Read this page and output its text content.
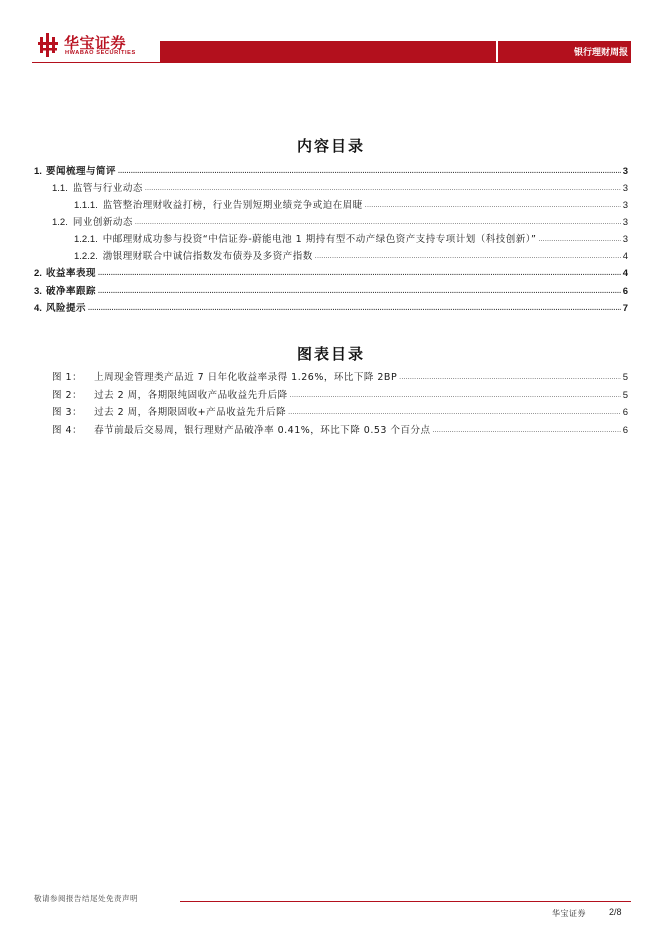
华宝证券
HWABAO SECURITIES	银行理财周报
内容目录
1. 要闻梳理与简评 .....	3
1.1. 监管与行业动态 .....	3
1.1.1. 监管整治理财收益打榜，行业告别短期业绩竞争或迫在眉睫 .....	3
1.2. 同业创新动态 .....	3
1.2.1. 中邮理财成功参与投资“中信证券-蔚能电池 1 期持有型不动产绿色资产支持专项计划（科技创新）” .....	3
1.2.2. 渤银理财联合中诚信指数发布债券及多资产指数 .....	4
2. 收益率表现 .....	4
3. 破净率跟踪 .....	6
4. 风险提示 .....	7
图表目录
图 1： 上周现金管理类产品近 7 日年化收益率录得 1.26%，环比下降 2BP .....	5
图 2： 过去 2 周，各期限纯固收产品收益先升后降 .....	5
图 3： 过去 2 周，各期限固收+产品收益先升后降 .....	6
图 4： 春节前最后交易周，银行理财产品破净率 0.41%，环比下降 0.53 个百分点 .....	6
敬请参阅报告结尾处免责声明
华宝证券	2/8
